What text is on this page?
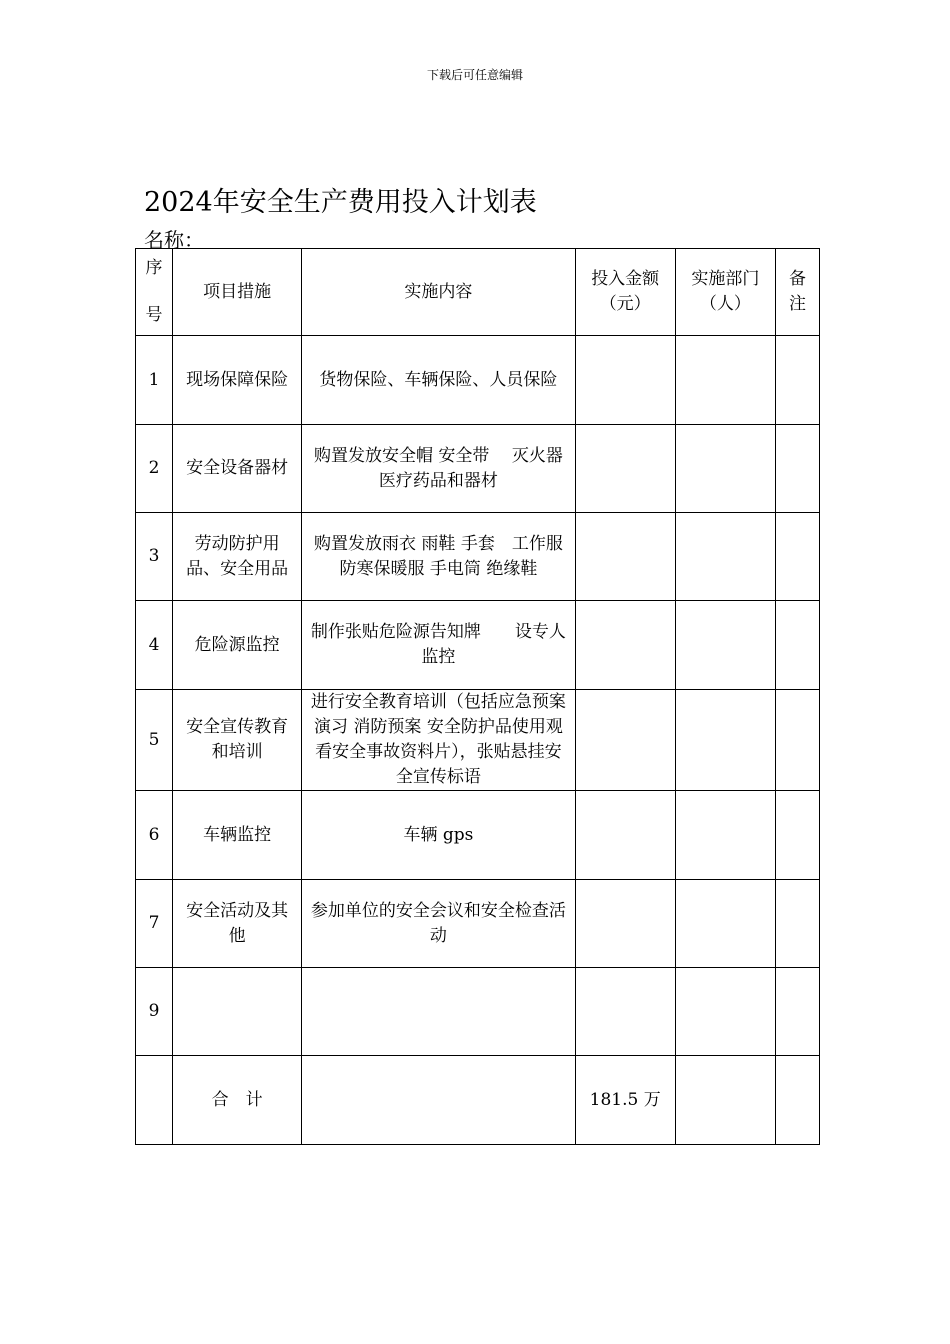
下载后可任意编辑
2024年安全生产费用投入计划表
名称：
序
号	项目措施	实施内容	投入金额（元）	实施部门（人）	备注
1	现场保障保险	货物保险、车辆保险、人员保险			
2	安全设备器材	购置发放安全帽 安全带　 灭火器 医疗药品和器材			
3	劳动防护用品、安全用品	购置发放雨衣 雨鞋 手套　工作服 防寒保暖服 手电筒 绝缘鞋			
4	危险源监控	制作张贴危险源告知牌　　设专人监控			
5	安全宣传教育和培训	进行安全教育培训（包括应急预案演习 消防预案 安全防护品使用观看安全事故资料片），张贴悬挂安全宣传标语			
6	车辆监控	车辆 gps			
7	安全活动及其他	参加单位的安全会议和安全检查活动			
9					
	合　计		181.5 万		
